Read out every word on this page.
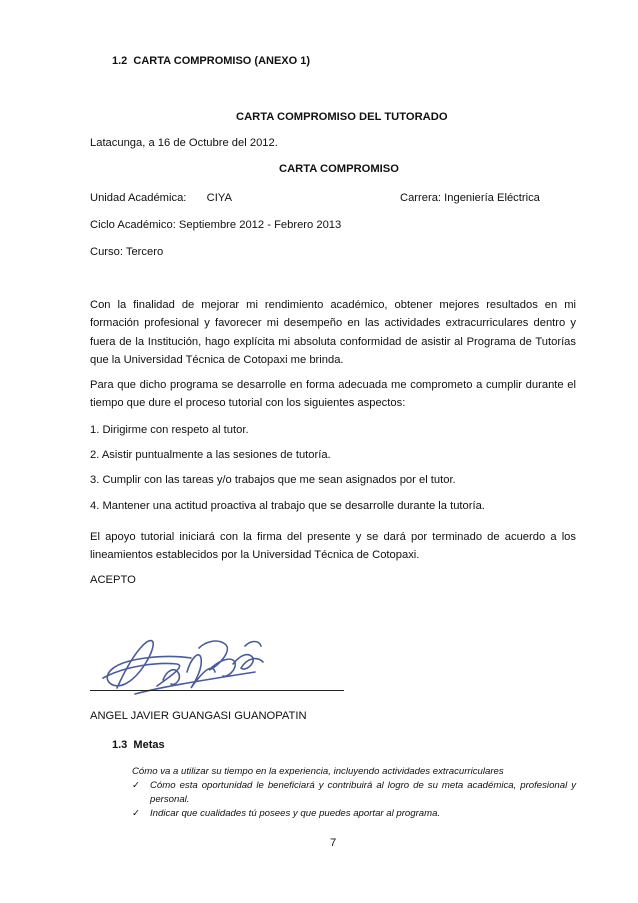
1.2 CARTA COMPROMISO (ANEXO 1)
CARTA COMPROMISO DEL TUTORADO
Latacunga, a 16 de Octubre del 2012.
CARTA COMPROMISO
Unidad Académica: CIYA	Carrera: Ingeniería Eléctrica
Ciclo Académico: Septiembre 2012 - Febrero 2013
Curso: Tercero
Con la finalidad de mejorar mi rendimiento académico, obtener mejores resultados en mi formación profesional y favorecer mi desempeño en las actividades extracurriculares dentro y fuera de la Institución, hago explícita mi absoluta conformidad de asistir al Programa de Tutorías que la Universidad Técnica de Cotopaxi me brinda.
Para que dicho programa se desarrolle en forma adecuada me comprometo a cumplir durante el tiempo que dure el proceso tutorial con los siguientes aspectos:
1. Dirigirme con respeto al tutor.
2. Asistir puntualmente a las sesiones de tutoría.
3. Cumplir con las tareas y/o trabajos que me sean asignados por el tutor.
4. Mantener una actitud proactiva al trabajo que se desarrolle durante la tutoría.
El apoyo tutorial iniciará con la firma del presente y se dará por terminado de acuerdo a los lineamientos establecidos por la Universidad Técnica de Cotopaxi.
ACEPTO
ANGEL JAVIER GUANGASI GUANOPATIN
1.3 Metas
Cómo va a utilizar su tiempo en la experiencia, incluyendo actividades extracurriculares
✓ Cómo esta oportunidad le beneficiará y contribuirá al logro de su meta académica, profesional y personal.
✓ Indicar que cualidades tú posees y que puedes aportar al programa.
7
